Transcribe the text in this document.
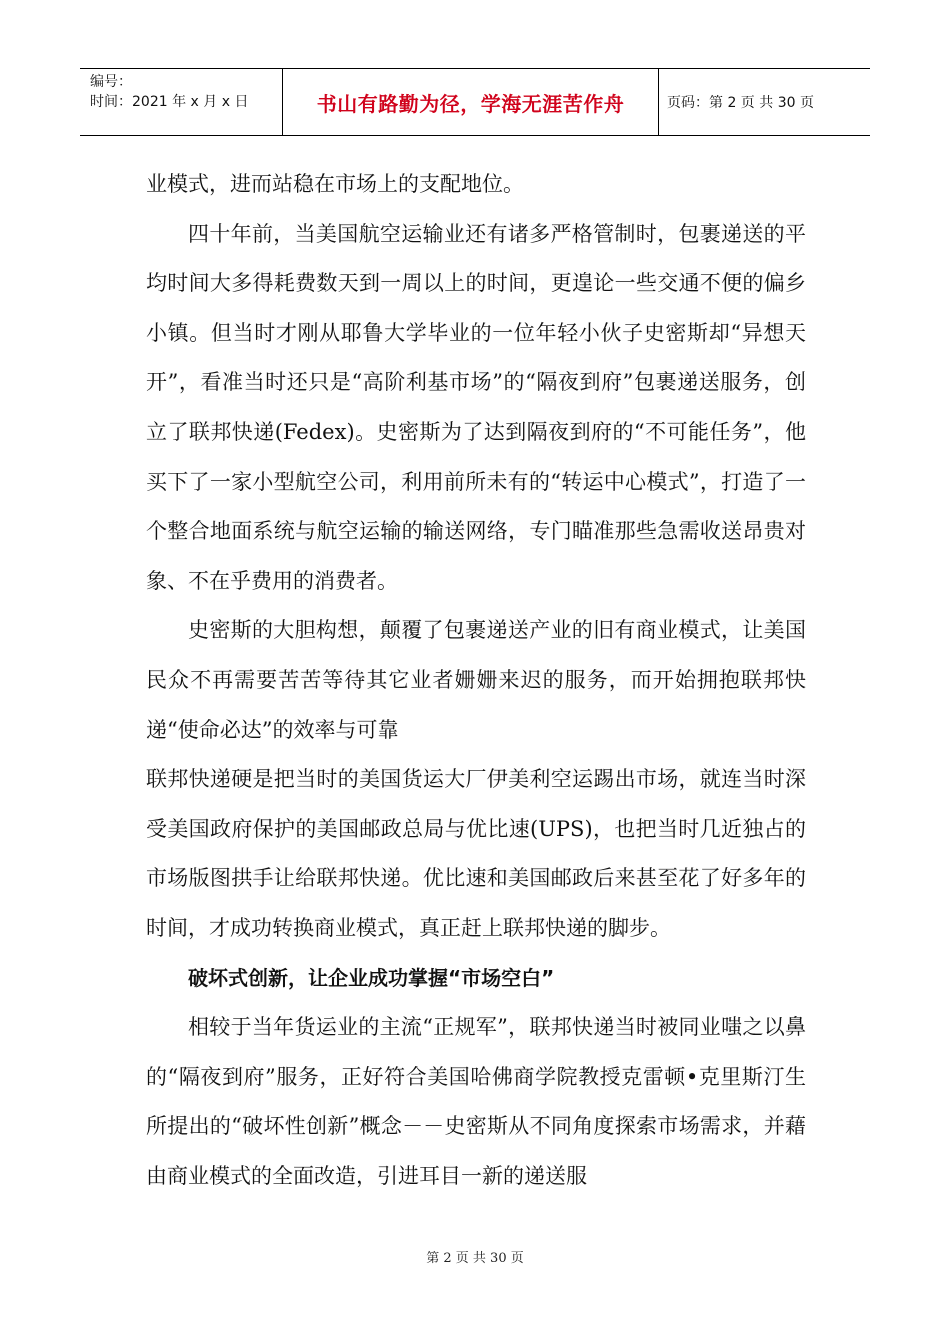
编号：
时间：2021 年 x 月 x 日	书山有路勤为径，学海无涯苦作舟	页码：第 2 页 共 30 页

业模式，进而站稳在市场上的支配地位。

四十年前，当美国航空运输业还有诸多严格管制时，包裹递送的平均时间大多得耗费数天到一周以上的时间，更遑论一些交通不便的偏乡小镇。但当时才刚从耶鲁大学毕业的一位年轻小伙子史密斯却“异想天开”，看准当时还只是“高阶利基市场”的“隔夜到府”包裹递送服务，创立了联邦快递(Fedex)。史密斯为了达到隔夜到府的“不可能任务”，他买下了一家小型航空公司，利用前所未有的“转运中心模式”，打造了一个整合地面系统与航空运输的输送网络，专门瞄准那些急需收送昂贵对象、不在乎费用的消费者。

史密斯的大胆构想，颠覆了包裹递送产业的旧有商业模式，让美国民众不再需要苦苦等待其它业者姗姗来迟的服务，而开始拥抱联邦快递“使命必达”的效率与可靠

联邦快递硬是把当时的美国货运大厂伊美利空运踢出市场，就连当时深受美国政府保护的美国邮政总局与优比速(UPS)，也把当时几近独占的市场版图拱手让给联邦快递。优比速和美国邮政后来甚至花了好多年的时间，才成功转换商业模式，真正赶上联邦快递的脚步。

破坏式创新，让企业成功掌握“市场空白”

相较于当年货运业的主流“正规军”，联邦快递当时被同业嗤之以鼻的“隔夜到府”服务，正好符合美国哈佛商学院教授克雷顿•克里斯汀生所提出的“破坏性创新”概念－－史密斯从不同角度探索市场需求，并藉由商业模式的全面改造，引进耳目一新的递送服

第 2 页 共 30 页
